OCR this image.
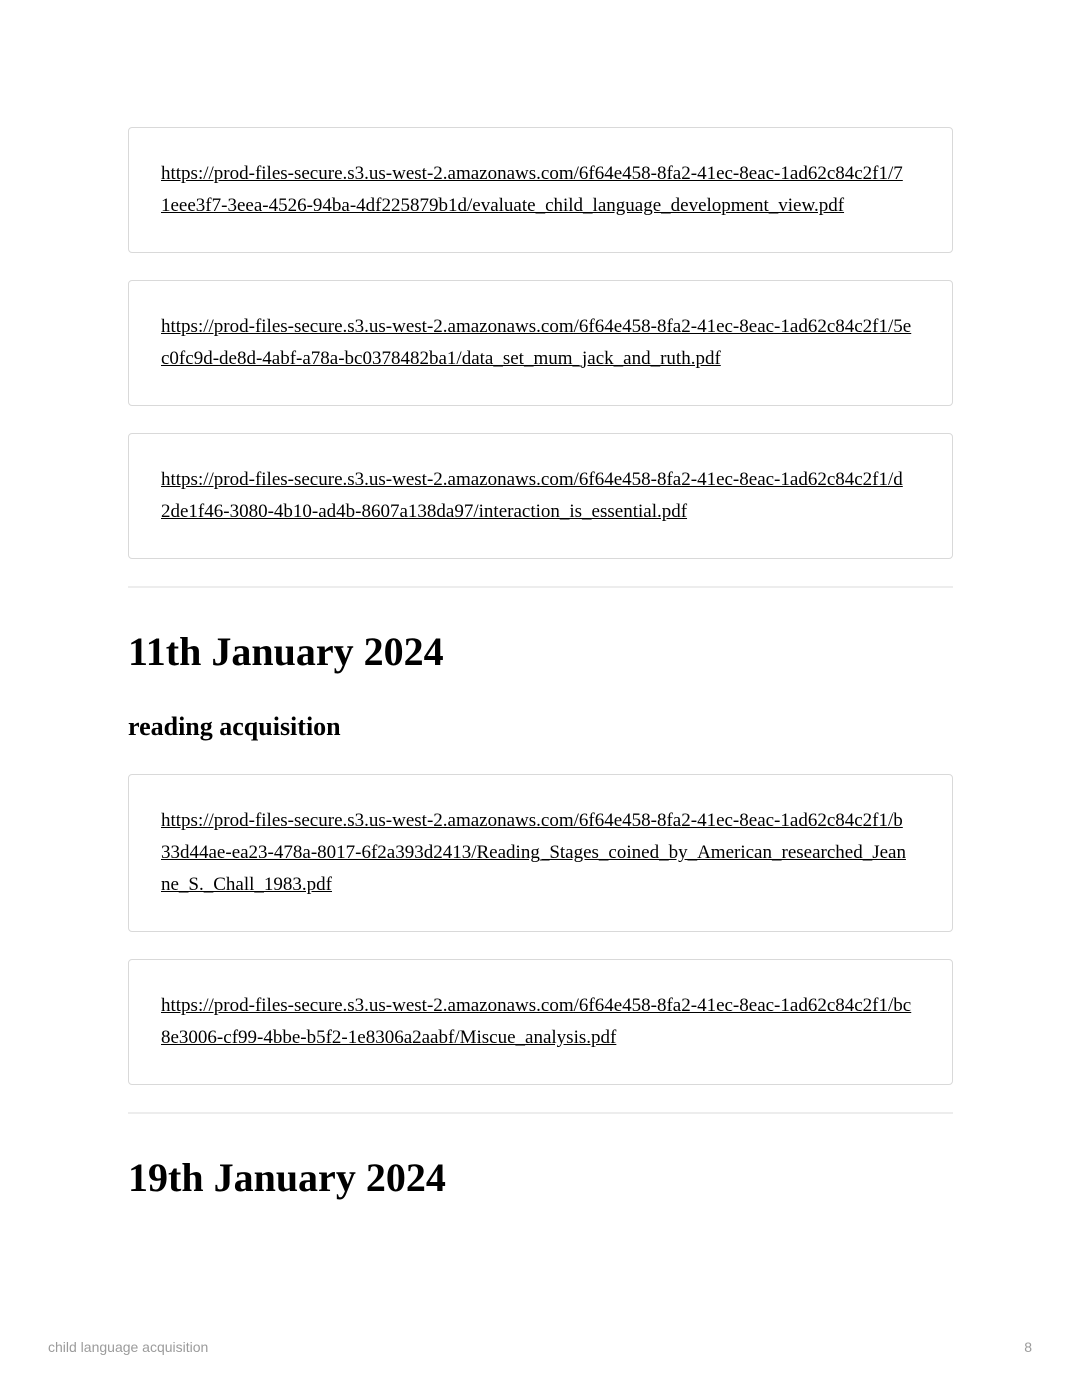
https://prod-files-secure.s3.us-west-2.amazonaws.com/6f64e458-8fa2-41ec-8eac-1ad62c84c2f1/71eee3f7-3eea-4526-94ba-4df225879b1d/evaluate_child_language_development_view.pdf
https://prod-files-secure.s3.us-west-2.amazonaws.com/6f64e458-8fa2-41ec-8eac-1ad62c84c2f1/5ec0fc9d-de8d-4abf-a78a-bc0378482ba1/data_set_mum_jack_and_ruth.pdf
https://prod-files-secure.s3.us-west-2.amazonaws.com/6f64e458-8fa2-41ec-8eac-1ad62c84c2f1/d2de1f46-3080-4b10-ad4b-8607a138da97/interaction_is_essential.pdf
11th January 2024
reading acquisition
https://prod-files-secure.s3.us-west-2.amazonaws.com/6f64e458-8fa2-41ec-8eac-1ad62c84c2f1/b33d44ae-ea23-478a-8017-6f2a393d2413/Reading_Stages_coined_by_American_researched_Jeanne_S._Chall_1983.pdf
https://prod-files-secure.s3.us-west-2.amazonaws.com/6f64e458-8fa2-41ec-8eac-1ad62c84c2f1/bc8e3006-cf99-4bbe-b5f2-1e8306a2aabf/Miscue_analysis.pdf
19th January 2024
child language acquisition	8
